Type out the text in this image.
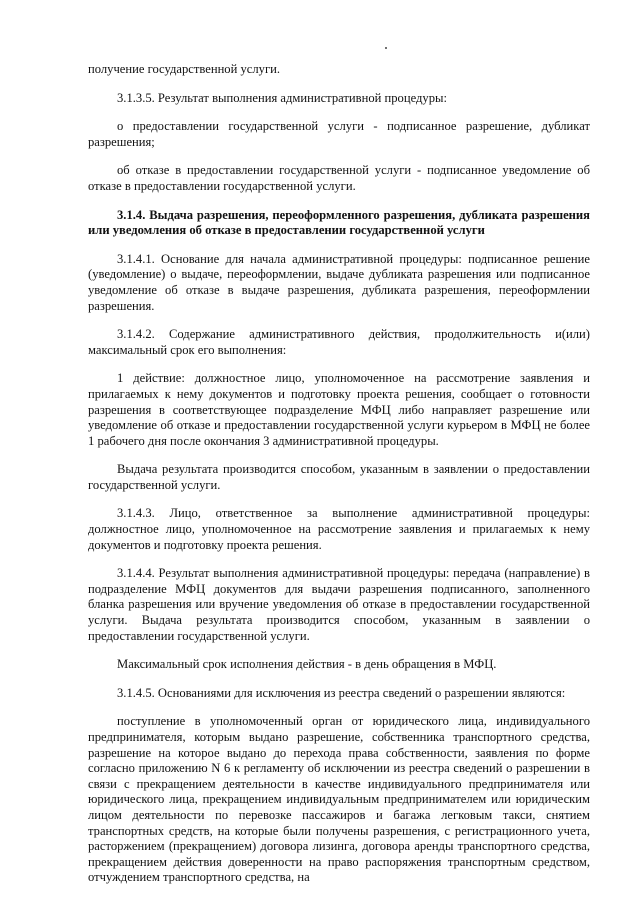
получение государственной услуги.

3.1.3.5. Результат выполнения административной процедуры:

о предоставлении государственной услуги - подписанное разрешение, дубликат разрешения;

об отказе в предоставлении государственной услуги - подписанное уведомление об отказе в предоставлении государственной услуги.

3.1.4. Выдача разрешения, переоформленного разрешения, дубликата разрешения или уведомления об отказе в предоставлении государственной услуги

3.1.4.1. Основание для начала административной процедуры: подписанное решение (уведомление) о выдаче, переоформлении, выдаче дубликата разрешения или подписанное уведомление об отказе в выдаче разрешения, дубликата разрешения, переоформлении разрешения.

3.1.4.2. Содержание административного действия, продолжительность и(или) максимальный срок его выполнения:

1 действие: должностное лицо, уполномоченное на рассмотрение заявления и прилагаемых к нему документов и подготовку проекта решения, сообщает о готовности разрешения в соответствующее подразделение МФЦ либо направляет разрешение или уведомление об отказе и предоставлении государственной услуги курьером в МФЦ не более 1 рабочего дня после окончания 3 административной процедуры.

Выдача результата производится способом, указанным в заявлении о предоставлении государственной услуги.

3.1.4.3. Лицо, ответственное за выполнение административной процедуры: должностное лицо, уполномоченное на рассмотрение заявления и прилагаемых к нему документов и подготовку проекта решения.

3.1.4.4. Результат выполнения административной процедуры: передача (направление) в подразделение МФЦ документов для выдачи разрешения подписанного, заполненного бланка разрешения или вручение уведомления об отказе в предоставлении государственной услуги. Выдача результата производится способом, указанным в заявлении о предоставлении государственной услуги.

Максимальный срок исполнения действия - в день обращения в МФЦ.

3.1.4.5. Основаниями для исключения из реестра сведений о разрешении являются:

поступление в уполномоченный орган от юридического лица, индивидуального предпринимателя, которым выдано разрешение, собственника транспортного средства, разрешение на которое выдано до перехода права собственности, заявления по форме согласно приложению N 6 к регламенту об исключении из реестра сведений о разрешении в связи с прекращением деятельности в качестве индивидуального предпринимателя или юридического лица, прекращением индивидуальным предпринимателем или юридическим лицом деятельности по перевозке пассажиров и багажа легковым такси, снятием транспортных средств, на которые были получены разрешения, с регистрационного учета, расторжением (прекращением) договора лизинга, договора аренды транспортного средства, прекращением действия доверенности на право распоряжения транспортным средством, отчуждением транспортного средства, на
